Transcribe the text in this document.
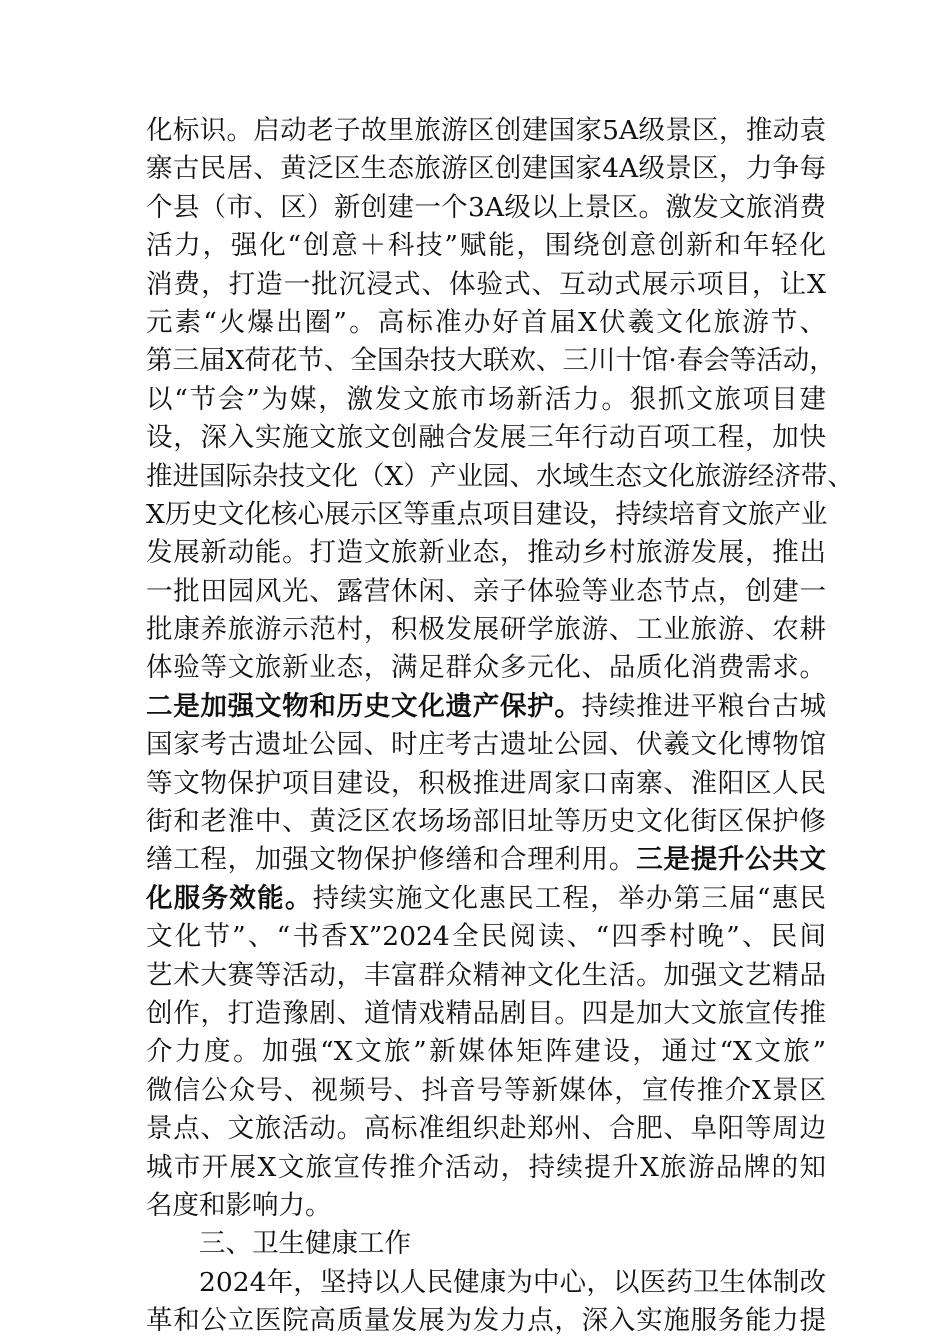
化标识。启动老子故里旅游区创建国家5A级景区，推动袁
寨古民居、黄泛区生态旅游区创建国家4A级景区，力争每
个县（市、区）新创建一个3A级以上景区。激发文旅消费
活力，强化“创意＋科技”赋能，围绕创意创新和年轻化
消费，打造一批沉浸式、体验式、互动式展示项目，让X
元素“火爆出圈”。高标准办好首届X伏羲文化旅游节、
第三届X荷花节、全国杂技大联欢、三川十馆·春会等活动，
以“节会”为媒，激发文旅市场新活力。狠抓文旅项目建
设，深入实施文旅文创融合发展三年行动百项工程，加快
推进国际杂技文化（X）产业园、水域生态文化旅游经济带、
X历史文化核心展示区等重点项目建设，持续培育文旅产业
发展新动能。打造文旅新业态，推动乡村旅游发展，推出
一批田园风光、露营休闲、亲子体验等业态节点，创建一
批康养旅游示范村，积极发展研学旅游、工业旅游、农耕
体验等文旅新业态，满足群众多元化、品质化消费需求。
二是加强文物和历史文化遗产保护。持续推进平粮台古城
国家考古遗址公园、时庄考古遗址公园、伏羲文化博物馆
等文物保护项目建设，积极推进周家口南寨、淮阳区人民
街和老淮中、黄泛区农场场部旧址等历史文化街区保护修
缮工程，加强文物保护修缮和合理利用。三是提升公共文
化服务效能。持续实施文化惠民工程，举办第三届“惠民
文化节”、“书香X”2024全民阅读、“四季村晚”、民间
艺术大赛等活动，丰富群众精神文化生活。加强文艺精品
创作，打造豫剧、道情戏精品剧目。四是加大文旅宣传推
介力度。加强“X文旅”新媒体矩阵建设，通过“X文旅”
微信公众号、视频号、抖音号等新媒体，宣传推介X景区
景点、文旅活动。高标准组织赴郑州、合肥、阜阳等周边
城市开展X文旅宣传推介活动，持续提升X旅游品牌的知
名度和影响力。
三、卫生健康工作
2024年，坚持以人民健康为中心，以医药卫生体制改
革和公立医院高质量发展为发力点，深入实施服务能力提
